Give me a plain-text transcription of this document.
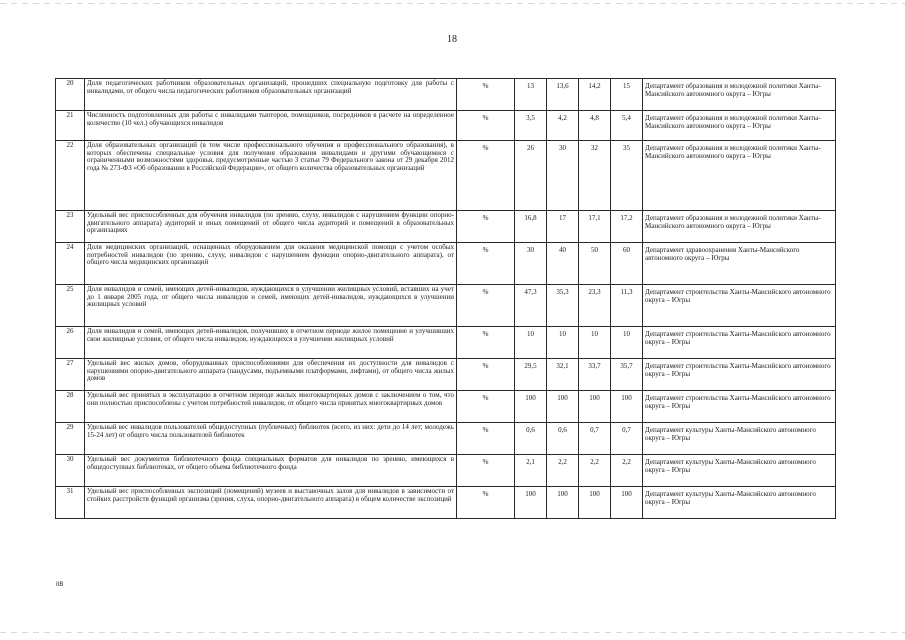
18
20	Доля педагогических работников образовательных организаций, прошедших специальную подготовку для работы с инвалидами, от общего числа педагогических работников образовательных организаций	%	13	13,6	14,2	15	Департамент образования и молодежной политики Ханты-Мансийского автономного округа – Югры

21	Численность подготовленных для работы с инвалидами тьюторов, помощников, посредников в расчете на определенное количество (10 чел.) обучающихся инвалидов	%	3,5	4,2	4,8	5,4	Департамент образования и молодежной политики Ханты-Мансийского автономного округа – Югры

22	Доля образовательных организаций (в том числе профессионального обучения и профессионального образования), в которых обеспечены специальные условия для получения образования инвалидами и другими обучающимися с ограниченными возможностями здоровья, предусмотренные частью 3 статьи 79 Федерального закона от 29 декабря 2012 года № 273-ФЗ «Об образовании в Российской Федерации», от общего количества образовательных организаций	%	26	30	32	35	Департамент образования и молодежной политики Ханты-Мансийского автономного округа – Югры

23	Удельный вес приспособленных для обучения инвалидов (по зрению, слуху, инвалидов с нарушением функции опорно-двигательного аппарата) аудиторий и иных помещений от общего числа аудиторий и помещений в образовательных организациях	%	16,8	17	17,1	17,2	Департамент образования и молодежной политики Ханты-Мансийского автономного округа – Югры

24	Доля медицинских организаций, оснащенных оборудованием для оказания медицинской помощи с учетом особых потребностей инвалидов (по зрению, слуху, инвалидов с нарушением функции опорно-двигательного аппарата), от общего числа медицинских организаций	%	30	40	50	60	Департамент здравоохранения Ханты-Мансийского автономного округа – Югры

25	Доля инвалидов и семей, имеющих детей-инвалидов, нуждающихся в улучшении жилищных условий, вставших на учет до 1 января 2005 года, от общего числа инвалидов и семей, имеющих детей-инвалидов, нуждающихся в улучшении жилищных условий	%	47,3	35,3	23,3	11,3	Департамент строительства Ханты-Мансийского автономного округа – Югры

26	Доля инвалидов и семей, имеющих детей-инвалидов, получивших в отчетном периоде жилое помещение и улучшивших свои жилищные условия, от общего числа инвалидов, нуждающихся в улучшении жилищных условий	%	10	10	10	10	Департамент строительства Ханты-Мансийского автономного округа – Югры

27	Удельный вес жилых домов, оборудованных приспособлениями для обеспечения их доступности для инвалидов с нарушениями опорно-двигательного аппарата (пандусами, подъемными платформами, лифтами), от общего числа жилых домов	%	29,5	32,1	33,7	35,7	Департамент строительства Ханты-Мансийского автономного округа – Югры

28	Удельный вес принятых в эксплуатацию в отчетном периоде жилых многоквартирных домов с заключением о том, что они полностью приспособлены с учетом потребностей инвалидов, от общего числа принятых многоквартирных домов	%	100	100	100	100	Департамент строительства Ханты-Мансийского автономного округа – Югры

29	Удельный вес инвалидов пользователей общедоступных (публичных) библиотек (всего, из них: дети до 14 лет; молодежь 15-24 лет) от общего числа пользователей библиотек	%	0,6	0,6	0,7	0,7	Департамент культуры Ханты-Мансийского автономного округа – Югры

30	Удельный вес документов библиотечного фонда специальных форматов для инвалидов по зрению, имеющихся в общедоступных библиотеках, от общего объема библиотечного фонда	%	2,1	2,2	2,2	2,2	Департамент культуры Ханты-Мансийского автономного округа – Югры

31	Удельный вес приспособленных экспозиций (помещений) музеев и выставочных залов для инвалидов в зависимости от стойких расстройств функций организма (зрения, слуха, опорно-двигательного аппарата) в общем количестве экспозиций	%	100	100	100	100	Департамент культуры Ханты-Мансийского автономного округа – Югры
IIB
